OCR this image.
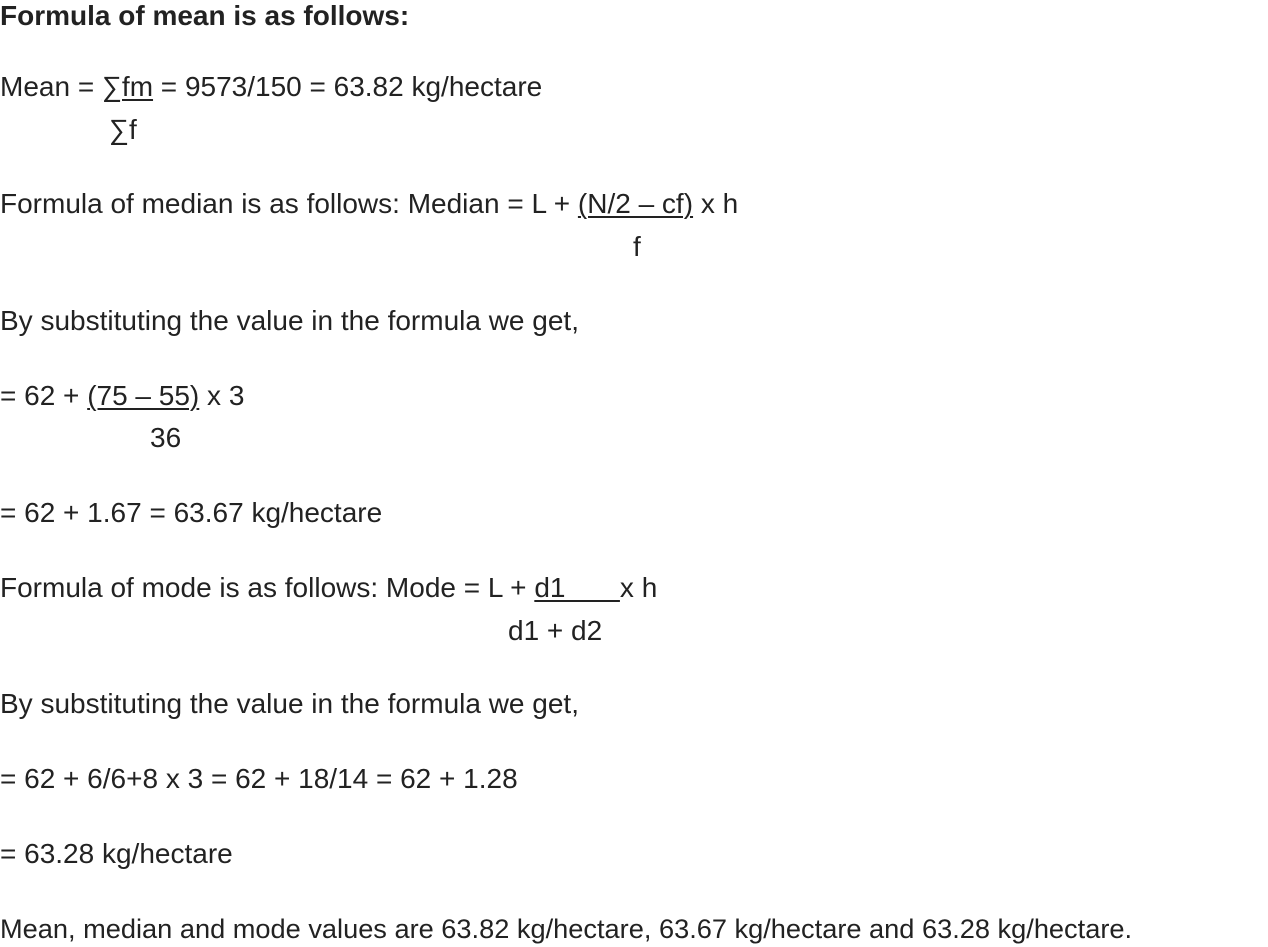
Formula of mean is as follows:
Mean = ∑fm = 9573/150 = 63.82 kg/hectare
∑f
Formula of median is as follows: Median = L + (N/2 – cf) x h
f
By substituting the value in the formula we get,
= 62 + (75 – 55) x 3
36
= 62 + 1.67 = 63.67 kg/hectare
Formula of mode is as follows: Mode = L + d1       x h
d1 + d2
By substituting the value in the formula we get,
= 62 + 6/6+8 x 3 = 62 + 18/14 = 62 + 1.28
= 63.28 kg/hectare
Mean, median and mode values are 63.82 kg/hectare, 63.67 kg/hectare and 63.28 kg/hectare.
